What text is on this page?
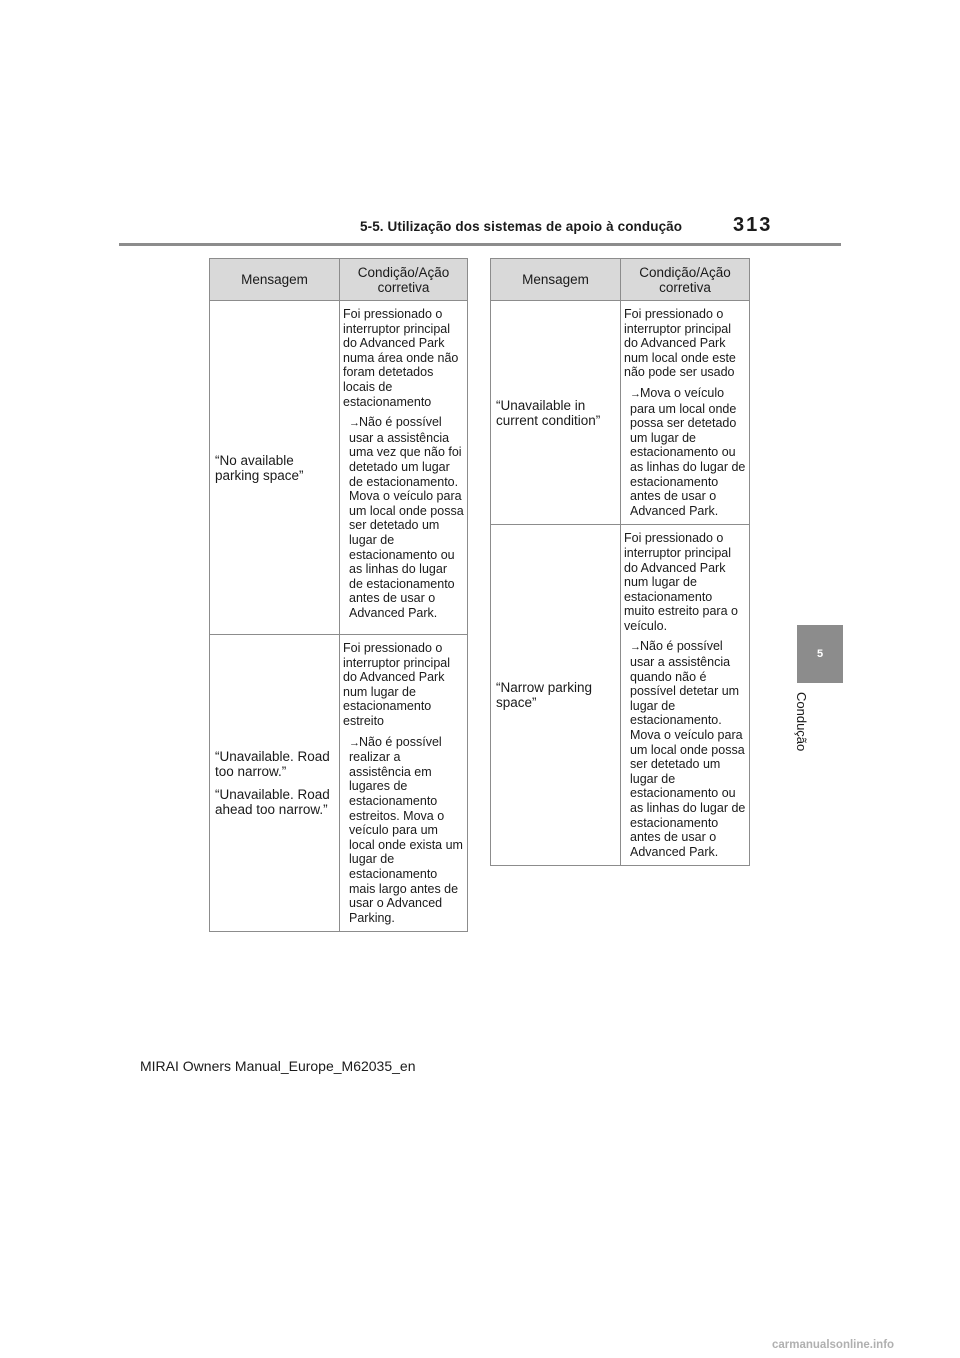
5-5. Utilização dos sistemas de apoio à condução	313
5
Condução
Mensagem	Condição/Ação corretiva

“No available parking space”	Foi pressionado o interruptor principal do Advanced Park numa área onde não foram detetados locais de estacionamento
→Não é possível usar a assistência uma vez que não foi detetado um lugar de estacionamento. Mova o veículo para um local onde possa ser detetado um lugar de estacionamento ou as linhas do lugar de estacionamento antes de usar o Advanced Park.

“Unavailable. Road too narrow.”
“Unavailable. Road ahead too narrow.”	Foi pressionado o interruptor principal do Advanced Park num lugar de estacionamento estreito
→Não é possível realizar a assistência em lugares de estacionamento estreitos. Mova o veículo para um local onde exista um lugar de estacionamento mais largo antes de usar o Advanced Parking.
Mensagem	Condição/Ação corretiva

“Unavailable in current condition”	Foi pressionado o interruptor principal do Advanced Park num local onde este não pode ser usado
→Mova o veículo para um local onde possa ser detetado um lugar de estacionamento ou as linhas do lugar de estacionamento antes de usar o Advanced Park.

“Narrow parking space”	Foi pressionado o interruptor principal do Advanced Park num lugar de estacionamento muito estreito para o veículo.
→Não é possível usar a assistência quando não é possível detetar um lugar de estacionamento. Mova o veículo para um local onde possa ser detetado um lugar de estacionamento ou as linhas do lugar de estacionamento antes de usar o Advanced Park.
MIRAI Owners Manual_Europe_M62035_en
carmanualsonline.info
